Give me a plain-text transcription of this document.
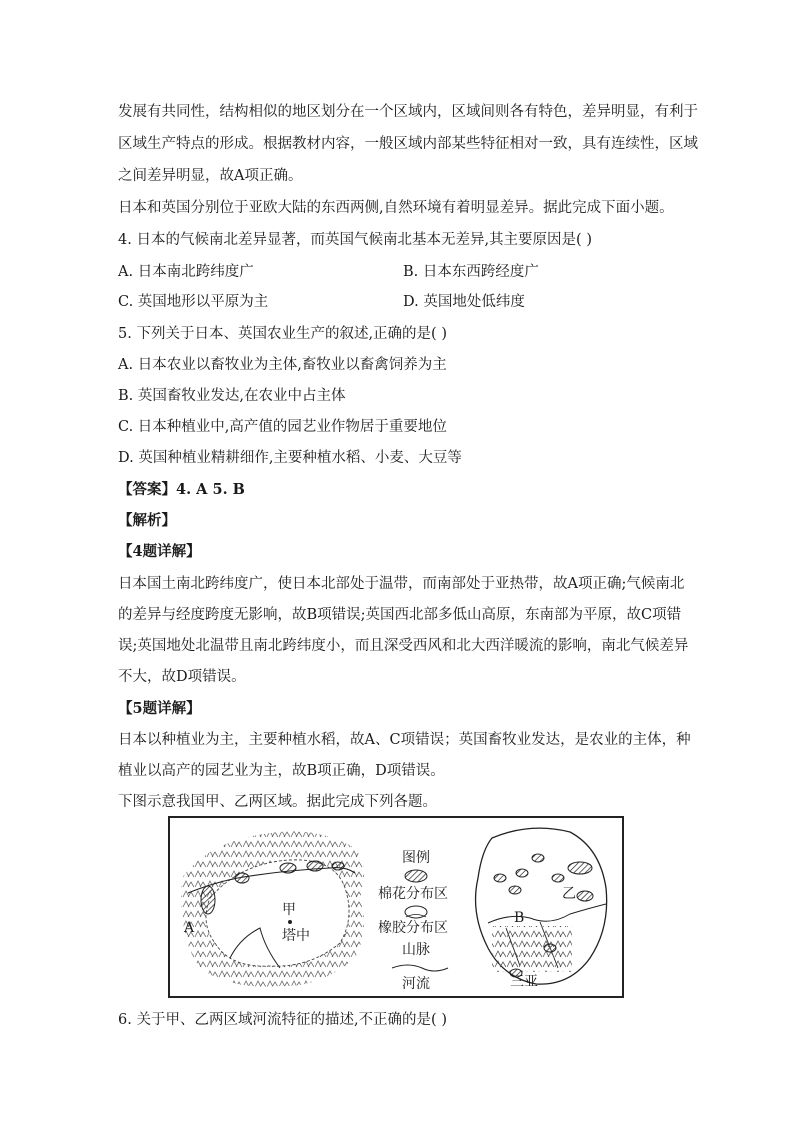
发展有共同性，结构相似的地区划分在一个区域内，区域间则各有特色，差异明显，有利于
区域生产特点的形成。根据教材内容，一般区域内部某些特征相对一致，具有连续性，区域
之间差异明显，故A项正确。
日本和英国分别位于亚欧大陆的东西两侧,自然环境有着明显差异。据此完成下面小题。
4. 日本的气候南北差异显著，而英国气候南北基本无差异,其主要原因是( )
A. 日本南北跨纬度广	B. 日本东西跨经度广
C. 英国地形以平原为主	D. 英国地处低纬度
5. 下列关于日本、英国农业生产的叙述,正确的是( )
A. 日本农业以畜牧业为主体,畜牧业以畜禽饲养为主
B. 英国畜牧业发达,在农业中占主体
C. 日本种植业中,高产值的园艺业作物居于重要地位
D. 英国种植业精耕细作,主要种植水稻、小麦、大豆等
【答案】4. A 5. B
【解析】
【4题详解】
日本国土南北跨纬度广，使日本北部处于温带，而南部处于亚热带，故A项正确;气候南北
的差异与经度跨度无影响，故B项错误;英国西北部多低山高原，东南部为平原，故C项错
误;英国地处北温带且南北跨纬度小，而且深受西风和北大西洋暖流的影响，南北气候差异
不大，故D项错误。
【5题详解】
日本以种植业为主，主要种植水稻，故A、C项错误；英国畜牧业发达，是农业的主体，种
植业以高产的园艺业为主，故B项正确，D项错误。
下图示意我国甲、乙两区域。据此完成下列各题。
图例
棉花分布区
橡胶分布区
山脉
河流
甲
塔中
A
B
乙
三亚
6. 关于甲、乙两区域河流特征的描述,不正确的是( )
